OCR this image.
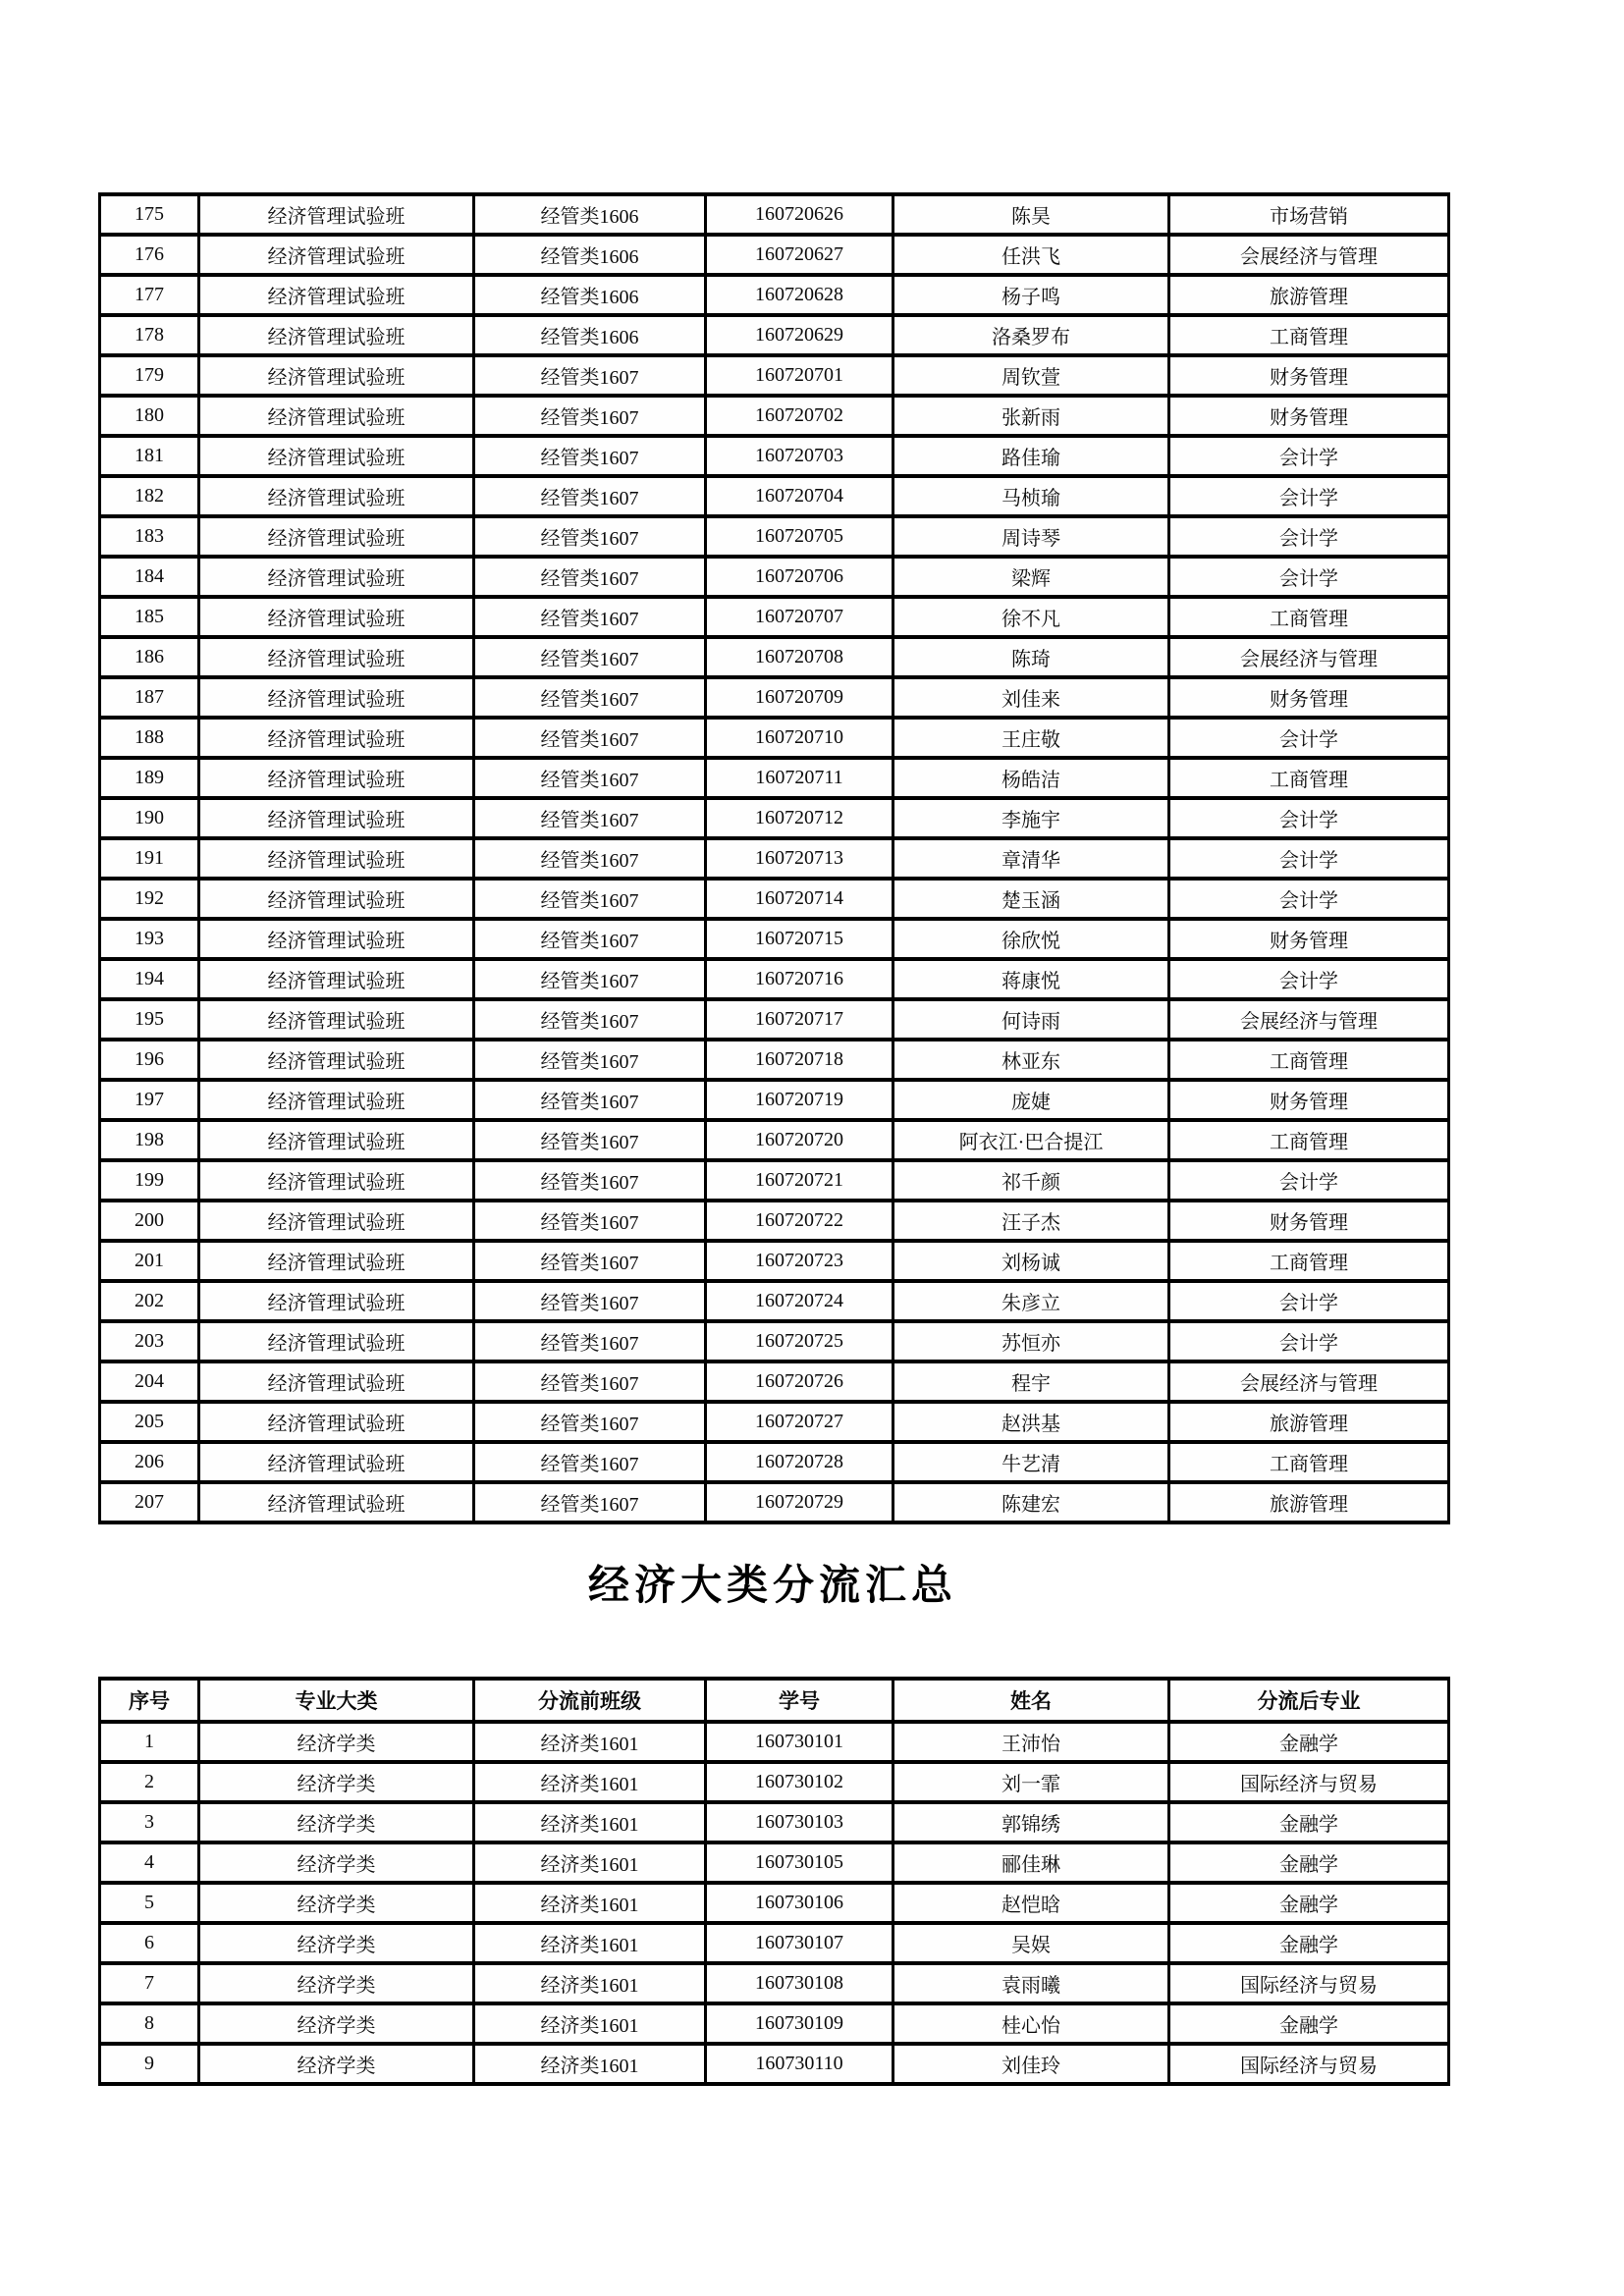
175	经济管理试验班	经管类1606	160720626	陈昊	市场营销
176	经济管理试验班	经管类1606	160720627	任洪飞	会展经济与管理
177	经济管理试验班	经管类1606	160720628	杨子鸣	旅游管理
178	经济管理试验班	经管类1606	160720629	洛桑罗布	工商管理
179	经济管理试验班	经管类1607	160720701	周钦萱	财务管理
180	经济管理试验班	经管类1607	160720702	张新雨	财务管理
181	经济管理试验班	经管类1607	160720703	路佳瑜	会计学
182	经济管理试验班	经管类1607	160720704	马桢瑜	会计学
183	经济管理试验班	经管类1607	160720705	周诗琴	会计学
184	经济管理试验班	经管类1607	160720706	梁辉	会计学
185	经济管理试验班	经管类1607	160720707	徐不凡	工商管理
186	经济管理试验班	经管类1607	160720708	陈琦	会展经济与管理
187	经济管理试验班	经管类1607	160720709	刘佳来	财务管理
188	经济管理试验班	经管类1607	160720710	王庄敬	会计学
189	经济管理试验班	经管类1607	160720711	杨皓洁	工商管理
190	经济管理试验班	经管类1607	160720712	李施宇	会计学
191	经济管理试验班	经管类1607	160720713	章清华	会计学
192	经济管理试验班	经管类1607	160720714	楚玉涵	会计学
193	经济管理试验班	经管类1607	160720715	徐欣悦	财务管理
194	经济管理试验班	经管类1607	160720716	蒋康悦	会计学
195	经济管理试验班	经管类1607	160720717	何诗雨	会展经济与管理
196	经济管理试验班	经管类1607	160720718	林亚东	工商管理
197	经济管理试验班	经管类1607	160720719	庞婕	财务管理
198	经济管理试验班	经管类1607	160720720	阿衣江·巴合提江	工商管理
199	经济管理试验班	经管类1607	160720721	祁千颜	会计学
200	经济管理试验班	经管类1607	160720722	汪子杰	财务管理
201	经济管理试验班	经管类1607	160720723	刘杨诚	工商管理
202	经济管理试验班	经管类1607	160720724	朱彦立	会计学
203	经济管理试验班	经管类1607	160720725	苏恒亦	会计学
204	经济管理试验班	经管类1607	160720726	程宇	会展经济与管理
205	经济管理试验班	经管类1607	160720727	赵洪基	旅游管理
206	经济管理试验班	经管类1607	160720728	牛艺清	工商管理
207	经济管理试验班	经管类1607	160720729	陈建宏	旅游管理
经济大类分流汇总
序号	专业大类	分流前班级	学号	姓名	分流后专业
1	经济学类	经济类1601	160730101	王沛怡	金融学
2	经济学类	经济类1601	160730102	刘一霏	国际经济与贸易
3	经济学类	经济类1601	160730103	郭锦绣	金融学
4	经济学类	经济类1601	160730105	郦佳琳	金融学
5	经济学类	经济类1601	160730106	赵恺晗	金融学
6	经济学类	经济类1601	160730107	吴娱	金融学
7	经济学类	经济类1601	160730108	袁雨曦	国际经济与贸易
8	经济学类	经济类1601	160730109	桂心怡	金融学
9	经济学类	经济类1601	160730110	刘佳玲	国际经济与贸易
